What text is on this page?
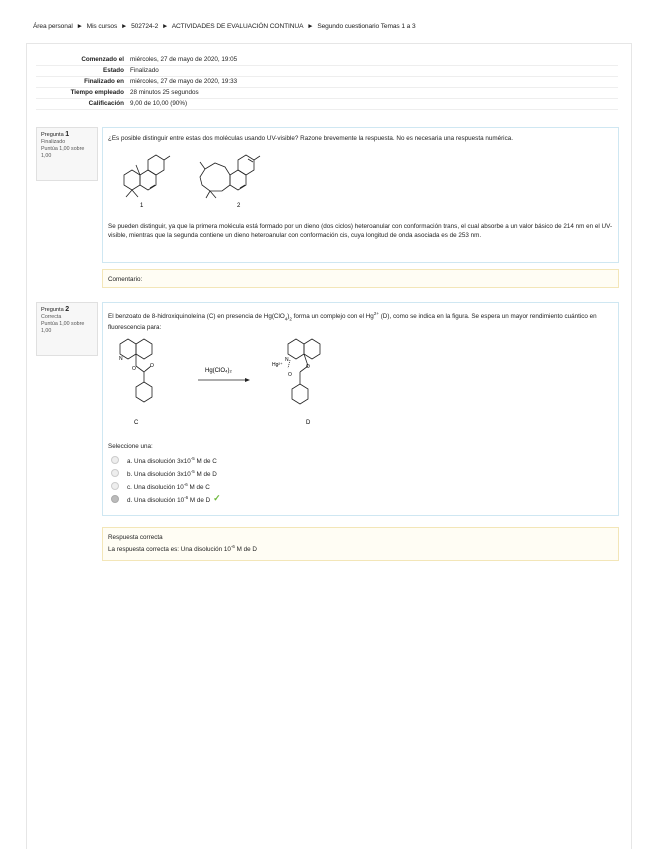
Área personal ► Mis cursos ► 502724-2 ► ACTIVIDADES DE EVALUACIÓN CONTINUA ► Segundo cuestionario Temas 1 a 3
Comenzado el miércoles, 27 de mayo de 2020, 19:05
Estado Finalizado
Finalizado en miércoles, 27 de mayo de 2020, 19:33
Tiempo empleado 28 minutos 25 segundos
Calificación 9,00 de 10,00 (90%)
Pregunta 1
Finalizado
Puntúa 1,00 sobre 1,00

¿Es posible distinguir entre estas dos moléculas usando UV-visible? Razone brevemente la respuesta. No es necesaria una respuesta numérica.

1	2

Se pueden distinguir, ya que la primera molécula está formado por un dieno (dos ciclos) heteroanular con conformación trans, el cual absorbe a un valor básico de 214 nm en el UV-visible, mientras que la segunda contiene un dieno heteroanular con conformación cis, cuya longitud de onda asociada es de 253 nm.

Comentario:
Pregunta 2
Correcta
Puntúa 1,00 sobre 1,00

El benzoato de 8-hidroxiquinoleína (C) en presencia de $Hg(ClO_4)_2$ forma un complejo con el $Hg^{2+}$ (D), como se indica en la figura. Se espera un mayor rendimiento cuántico en fluorescencia para:

N
O	O
C
Hg(ClO₄)₂
N
O
O
Hg²⁺
D
Seleccione una:
a. Una disolución $3x10^{-5}$ M de C
b. Una disolución $3x10^{-5}$ M de D
c. Una disolución $10^{-6}$ M de C
d. Una disolución $10^{-6}$ M de D ✓
Respuesta correcta
La respuesta correcta es: Una disolución $10^{-6}$ M de D
